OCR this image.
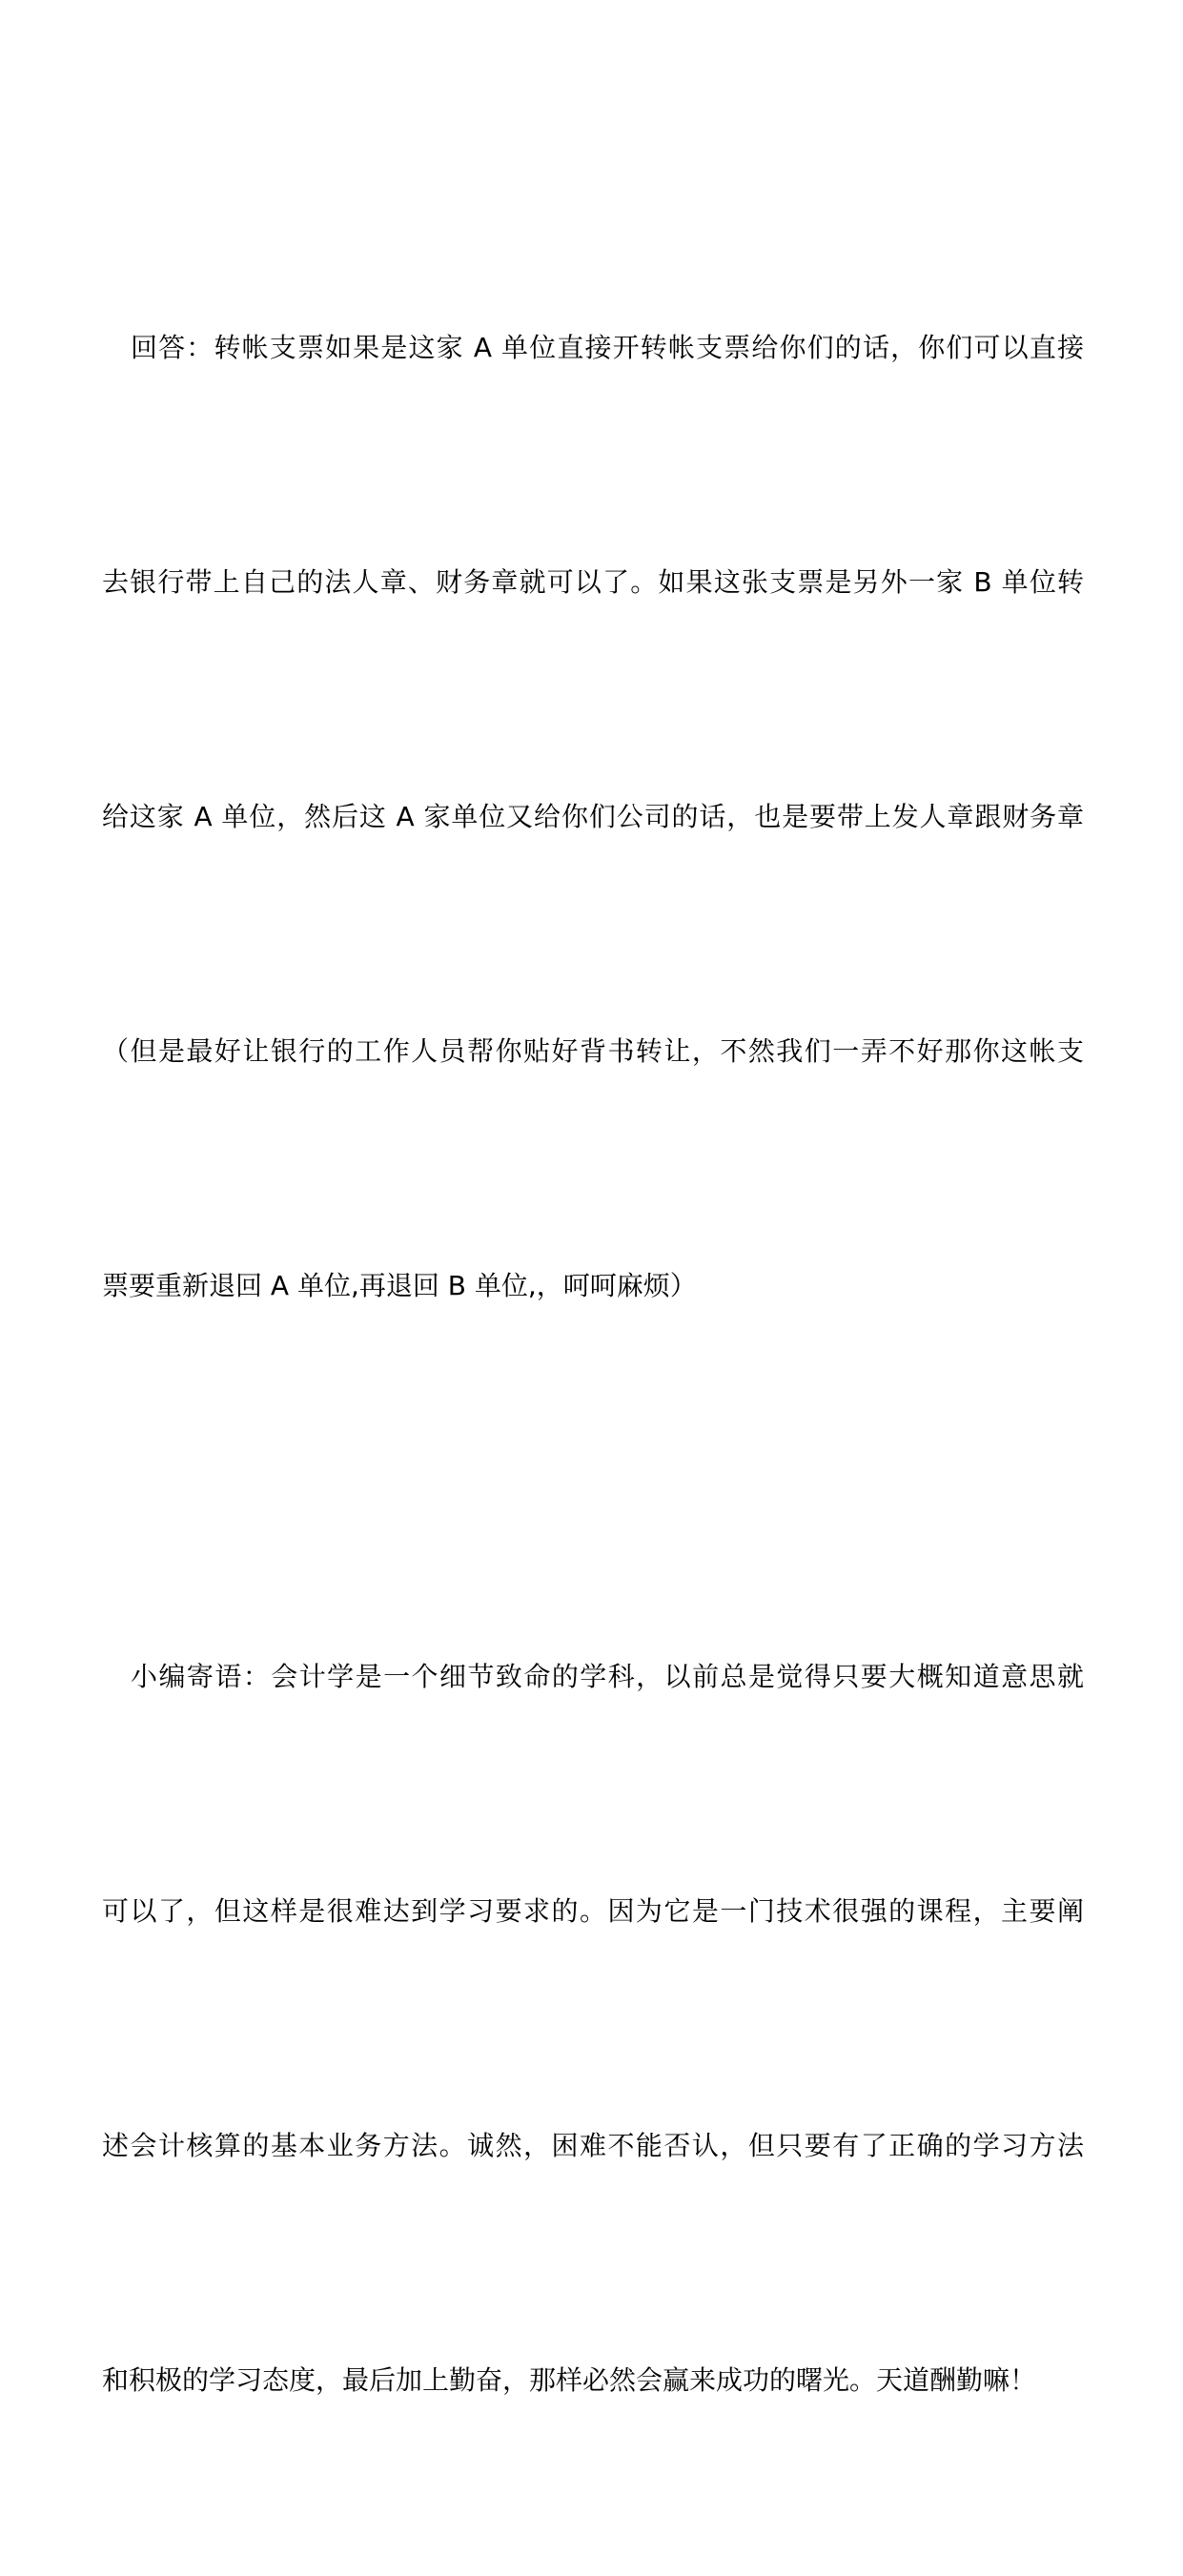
回答：转帐支票如果是这家 A 单位直接开转帐支票给你们的话，你们可以直接

去银行带上自己的法人章、财务章就可以了。如果这张支票是另外一家 B 单位转

给这家 A 单位，然后这 A 家单位又给你们公司的话，也是要带上发人章跟财务章

（但是最好让银行的工作人员帮你贴好背书转让，不然我们一弄不好那你这帐支

票要重新退回 A 单位,再退回 B 单位,，呵呵麻烦）

小编寄语：会计学是一个细节致命的学科，以前总是觉得只要大概知道意思就

可以了，但这样是很难达到学习要求的。因为它是一门技术很强的课程，主要阐

述会计核算的基本业务方法。诚然，困难不能否认，但只要有了正确的学习方法

和积极的学习态度，最后加上勤奋，那样必然会赢来成功的曙光。天道酬勤嘛！
